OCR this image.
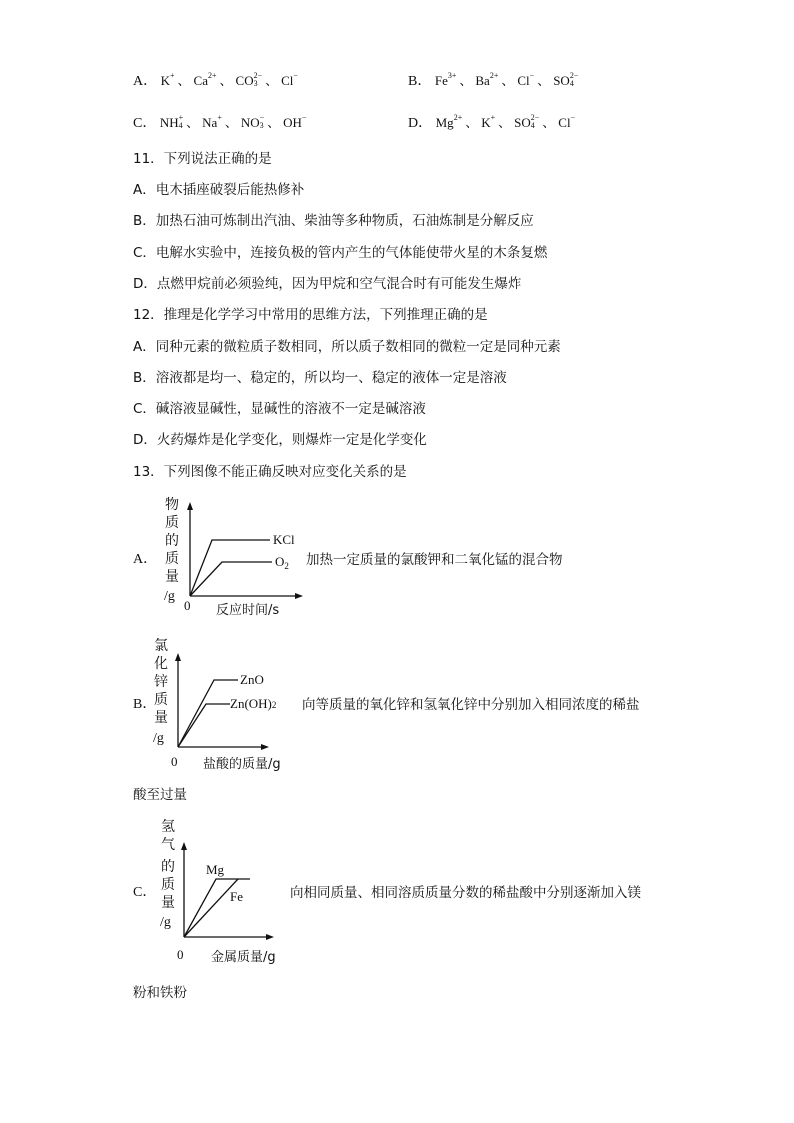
A． K +
、 Ca 2+
、 CO 2−
3 、 Cl −
	B． Fe 3+
、 Ba 2+
、 Cl −
、 SO 2−
4
C． NH +
4 、 Na +
、 NO −
3 、 OH −
	D． Mg 2+
、 K +
、 SO 2−
4 、 Cl −

11．下列说法正确的是
A．电木插座破裂后能热修补
B．加热石油可炼制出汽油、柴油等多种物质，石油炼制是分解反应
C．电解水实验中，连接负极的管内产生的气体能使带火星的木条复燃
D．点燃甲烷前必须验纯，因为甲烷和空气混合时有可能发生爆炸
12．推理是化学学习中常用的思维方法，下列推理正确的是
A．同种元素的微粒质子数相同，所以质子数相同的微粒一定是同种元素
B．溶液都是均一、稳定的，所以均一、稳定的液体一定是溶液
C．碱溶液显碱性，显碱性的溶液不一定是碱溶液
D．火药爆炸是化学变化，则爆炸一定是化学变化
13．下列图像不能正确反映对应变化关系的是
A．
物
质
的
质
量
/g
KCl
$O_2$
0 反应时间/s
加热一定质量的氯酸钾和二氧化锰的混合物
B．
氯
化
锌
质
量
/g
ZnO
Zn(OH)2
0 盐酸的质量/g
向等质量的氧化锌和氢氧化锌中分别加入相同浓度的稀盐
酸至过量
C．
氢
气
的
质
量
/g
Mg
Fe
0 金属质量/g
向相同质量、相同溶质质量分数的稀盐酸中分别逐渐加入镁
粉和铁粉
